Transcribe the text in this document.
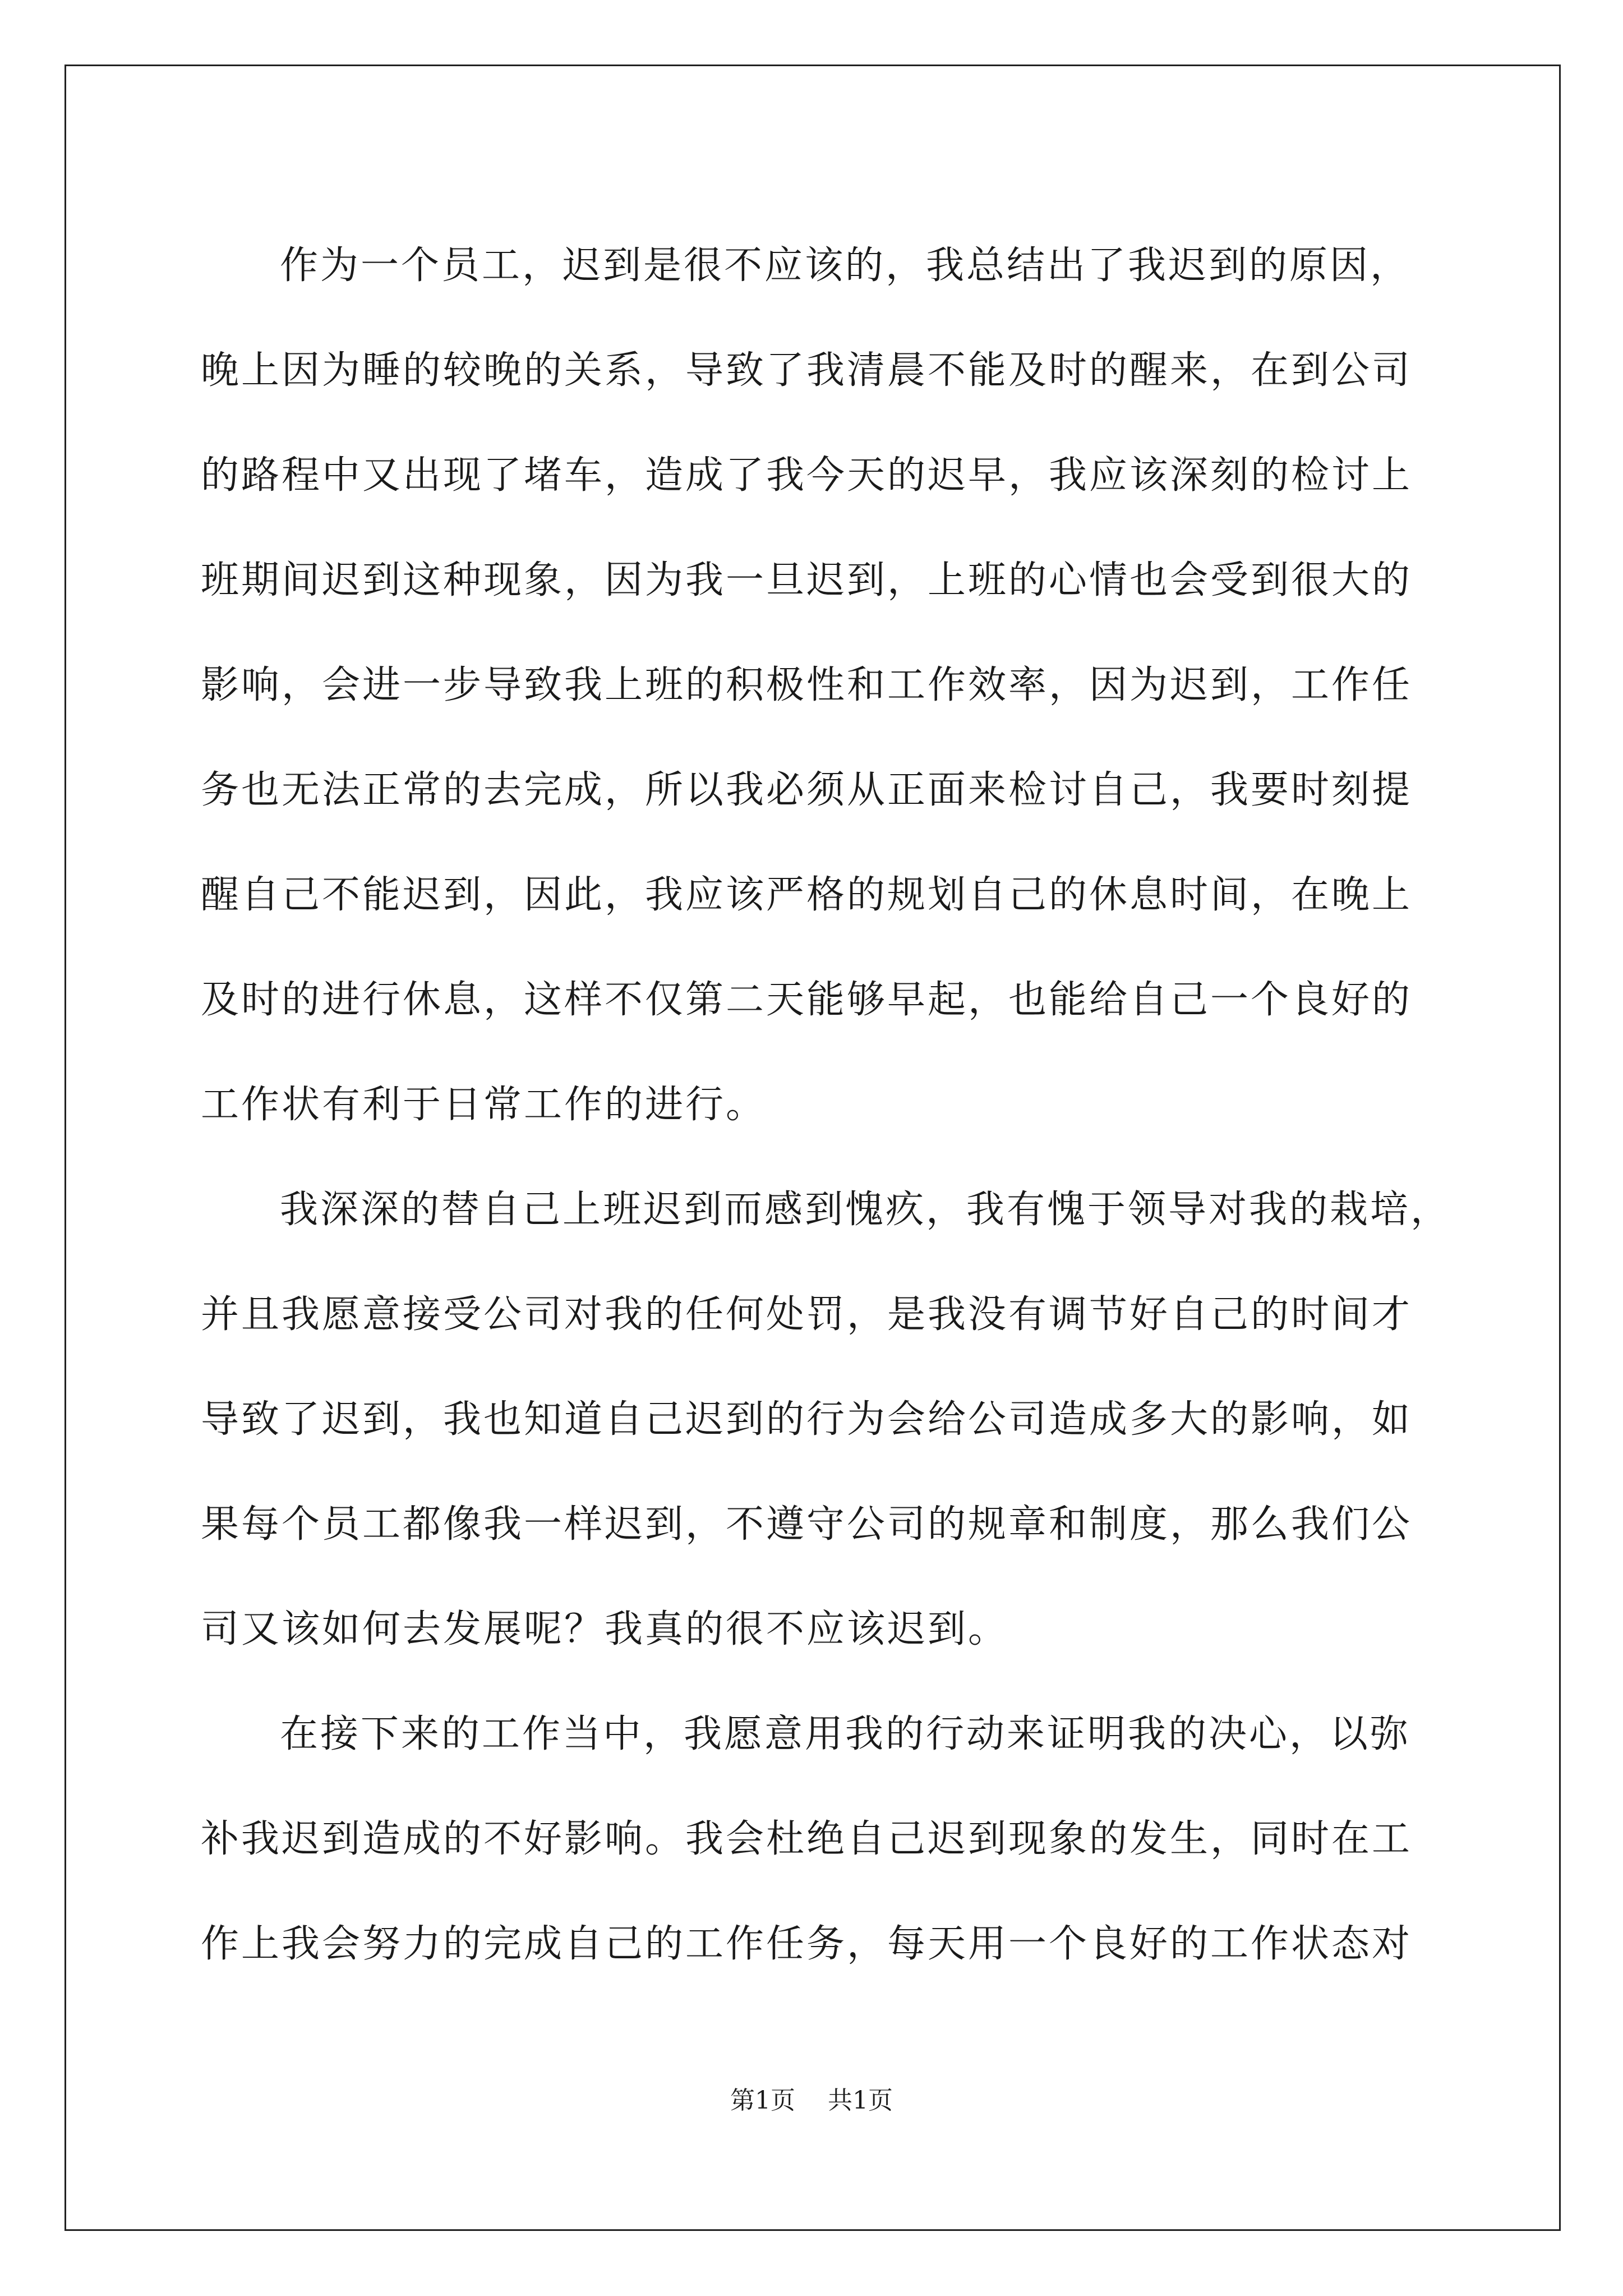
作为一个员工，迟到是很不应该的，我总结出了我迟到的原因，
晚上因为睡的较晚的关系，导致了我清晨不能及时的醒来，在到公司
的路程中又出现了堵车，造成了我今天的迟早，我应该深刻的检讨上
班期间迟到这种现象，因为我一旦迟到，上班的心情也会受到很大的
影响，会进一步导致我上班的积极性和工作效率，因为迟到，工作任
务也无法正常的去完成，所以我必须从正面来检讨自己，我要时刻提
醒自己不能迟到，因此，我应该严格的规划自己的休息时间，在晚上
及时的进行休息，这样不仅第二天能够早起，也能给自己一个良好的
工作状有利于日常工作的进行。
我深深的替自己上班迟到而感到愧疚，我有愧于领导对我的栽培，
并且我愿意接受公司对我的任何处罚，是我没有调节好自己的时间才
导致了迟到，我也知道自己迟到的行为会给公司造成多大的影响，如
果每个员工都像我一样迟到，不遵守公司的规章和制度，那么我们公
司又该如何去发展呢？我真的很不应该迟到。
在接下来的工作当中，我愿意用我的行动来证明我的决心，以弥
补我迟到造成的不好影响。我会杜绝自己迟到现象的发生，同时在工
作上我会努力的完成自己的工作任务，每天用一个良好的工作状态对
第1页 共1页
